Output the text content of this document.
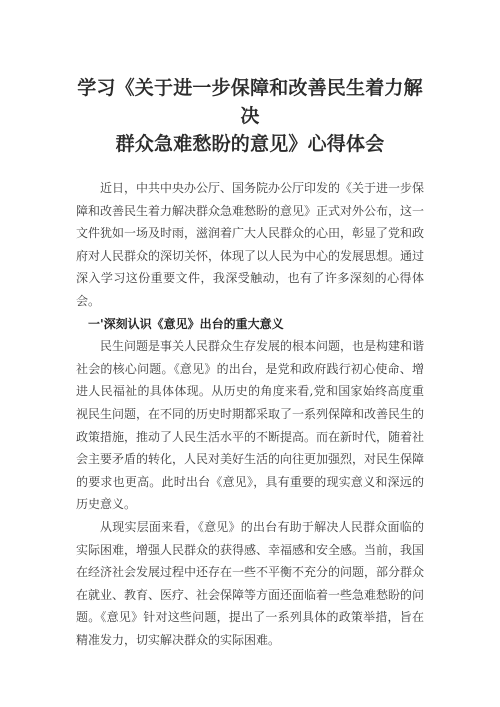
学习《关于进一步保障和改善民生着力解决

群众急难愁盼的意见》心得体会

近日，中共中央办公厅、国务院办公厅印发的《关于进一步保障和改善民生着力解决群众急难愁盼的意见》正式对外公布，这一文件犹如一场及时雨，滋润着广大人民群众的心田，彰显了党和政府对人民群众的深切关怀，体现了以人民为中心的发展思想。通过深入学习这份重要文件，我深受触动，也有了许多深刻的心得体会。

一'深刻认识《意见》出台的重大意义

民生问题是事关人民群众生存发展的根本问题，也是构建和谐社会的核心问题。《意见》的出台，是党和政府践行初心使命、增进人民福祉的具体体现。从历史的角度来看,党和国家始终高度重视民生问题，在不同的历史时期都采取了一系列保障和改善民生的政策措施，推动了人民生活水平的不断提高。而在新时代，随着社会主要矛盾的转化，人民对美好生活的向往更加强烈，对民生保障的要求也更高。此时出台《意见》，具有重要的现实意义和深远的历史意义。

从现实层面来看，《意见》的出台有助于解决人民群众面临的实际困难，增强人民群众的获得感、幸福感和安全感。当前，我国在经济社会发展过程中还存在一些不平衡不充分的问题，部分群众在就业、教育、医疗、社会保障等方面还面临着一些急难愁盼的问题。《意见》针对这些问题，提出了一系列具体的政策举措，旨在精准发力，切实解决群众的实际困难。
